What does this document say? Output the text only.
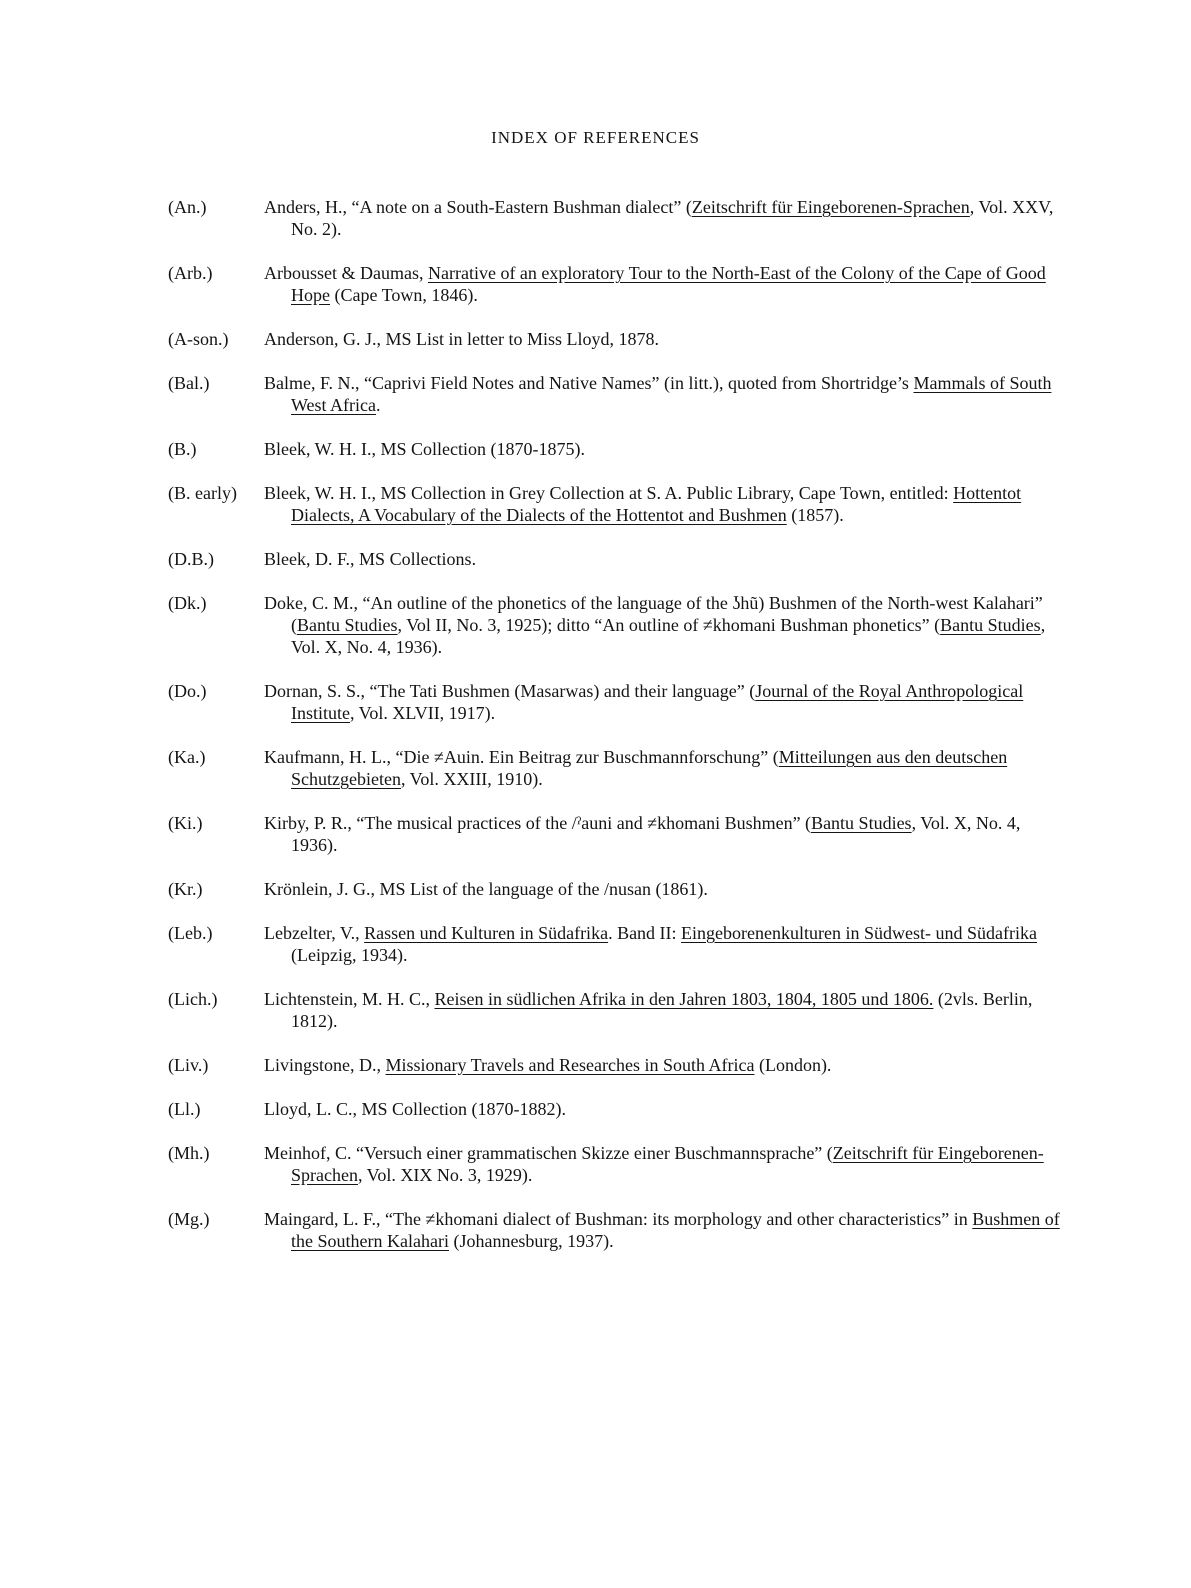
INDEX OF REFERENCES
(An.)	Anders, H., “A note on a South-Eastern Bushman dialect” (Zeitschrift für Eingeborenen-Sprachen, Vol. XXV, No. 2).
(Arb.)	Arbousset & Daumas, Narrative of an exploratory Tour to the North-East of the Colony of the Cape of Good Hope (Cape Town, 1846).
(A-son.)	Anderson, G. J., MS List in letter to Miss Lloyd, 1878.
(Bal.)	Balme, F. N., “Caprivi Field Notes and Native Names” (in litt.), quoted from Shortridge’s Mammals of South West Africa.
(B.)	Bleek, W. H. I., MS Collection (1870-1875).
(B. early)	Bleek, W. H. I., MS Collection in Grey Collection at S. A. Public Library, Cape Town, entitled: Hottentot Dialects, A Vocabulary of the Dialects of the Hottentot and Bushmen (1857).
(D.B.)	Bleek, D. F., MS Collections.
(Dk.)	Doke, C. M., “An outline of the phonetics of the language of the ʖhũ) Bushmen of the North-west Kalahari” (Bantu Studies, Vol II, No. 3, 1925); ditto “An outline of ≠khomani Bushman phonetics” (Bantu Studies, Vol. X, No. 4, 1936).
(Do.)	Dornan, S. S., “The Tati Bushmen (Masarwas) and their language” (Journal of the Royal Anthropological Institute, Vol. XLVII, 1917).
(Ka.)	Kaufmann, H. L., “Die ≠Auin. Ein Beitrag zur Buschmannforschung” (Mitteilungen aus den deutschen Schutzgebieten, Vol. XXIII, 1910).
(Ki.)	Kirby, P. R., “The musical practices of the /ˀauni and ≠khomani Bushmen” (Bantu Studies, Vol. X, No. 4, 1936).
(Kr.)	Krönlein, J. G., MS List of the language of the /nusan (1861).
(Leb.)	Lebzelter, V., Rassen und Kulturen in Südafrika. Band II: Eingeborenenkulturen in Südwest- und Südafrika (Leipzig, 1934).
(Lich.)	Lichtenstein, M. H. C., Reisen in südlichen Afrika in den Jahren 1803, 1804, 1805 und 1806. (2vls. Berlin, 1812).
(Liv.)	Livingstone, D., Missionary Travels and Researches in South Africa (London).
(Ll.)	Lloyd, L. C., MS Collection (1870-1882).
(Mh.)	Meinhof, C. “Versuch einer grammatischen Skizze einer Buschmannsprache” (Zeitschrift für Eingeborenen-Sprachen, Vol. XIX No. 3, 1929).
(Mg.)	Maingard, L. F., “The ≠khomani dialect of Bushman: its morphology and other characteristics” in Bushmen of the Southern Kalahari (Johannesburg, 1937).
